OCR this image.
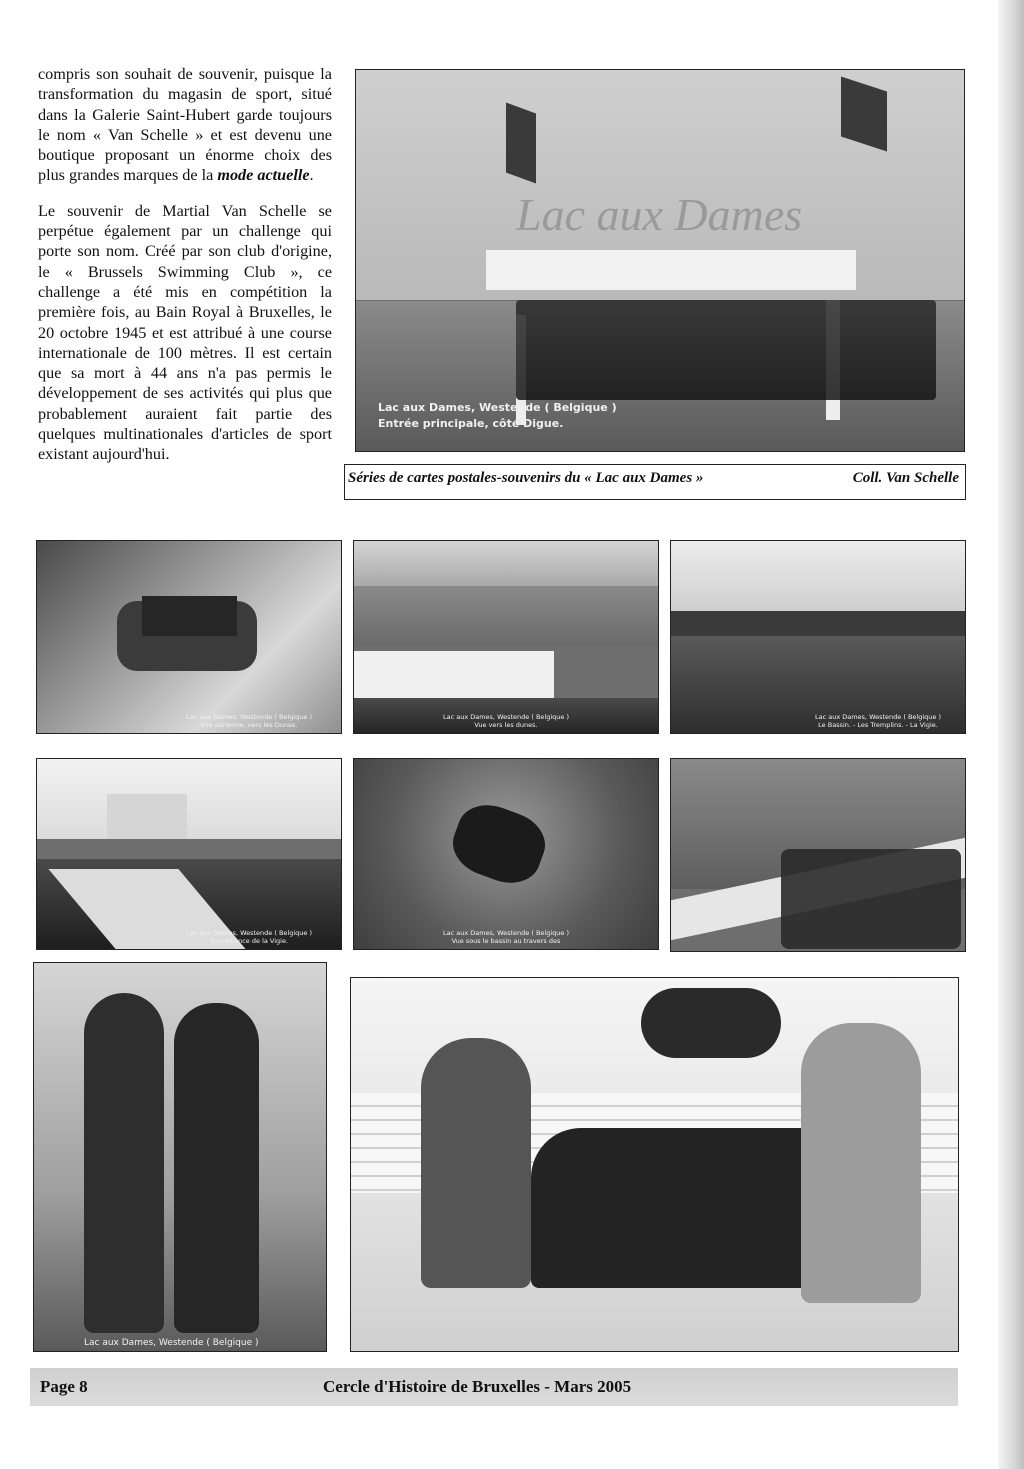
compris son souhait de souvenir, puisque la transformation du magasin de sport, situé dans la Galerie Saint-Hubert garde toujours le nom « Van Schelle » et est devenu une boutique proposant un énorme choix des plus grandes marques de la mode actuelle.

Le souvenir de Martial Van Schelle se perpétue également par un challenge qui porte son nom. Créé par son club d'origine, le « Brussels Swimming Club », ce challenge a été mis en compétition la première fois, au Bain Royal à Bruxelles, le 20 octobre 1945 et est attribué à une course internationale de 100 mètres. Il est certain que sa mort à 44 ans n'a pas permis le développement de ses activités qui plus que probablement auraient fait partie des quelques multinationales d'articles de sport existant aujourd'hui.

Lac aux Dames
Lac aux Dames, Westende ( Belgique )
Entrée principale, côté Digue.
Séries de cartes postales-souvenirs du « Lac aux Dames »	Coll. Van Schelle
Lac aux Dames, Westende ( Belgique )
Vue aérienne, vers les Dunes.
Lac aux Dames, Westende ( Belgique )
Vue vers les dunes.
Lac aux Dames, Westende ( Belgique )
Le Bassin. - Les Tremplins. - La Vigie.
Lac aux Dames, Westende ( Belgique )
Surveillance de la Vigie.
Lac aux Dames, Westende ( Belgique )
Vue sous le bassin au travers des
Lac aux Dames, Westende ( Belgique )
Page 8	Cercle d'Histoire de Bruxelles - Mars 2005
